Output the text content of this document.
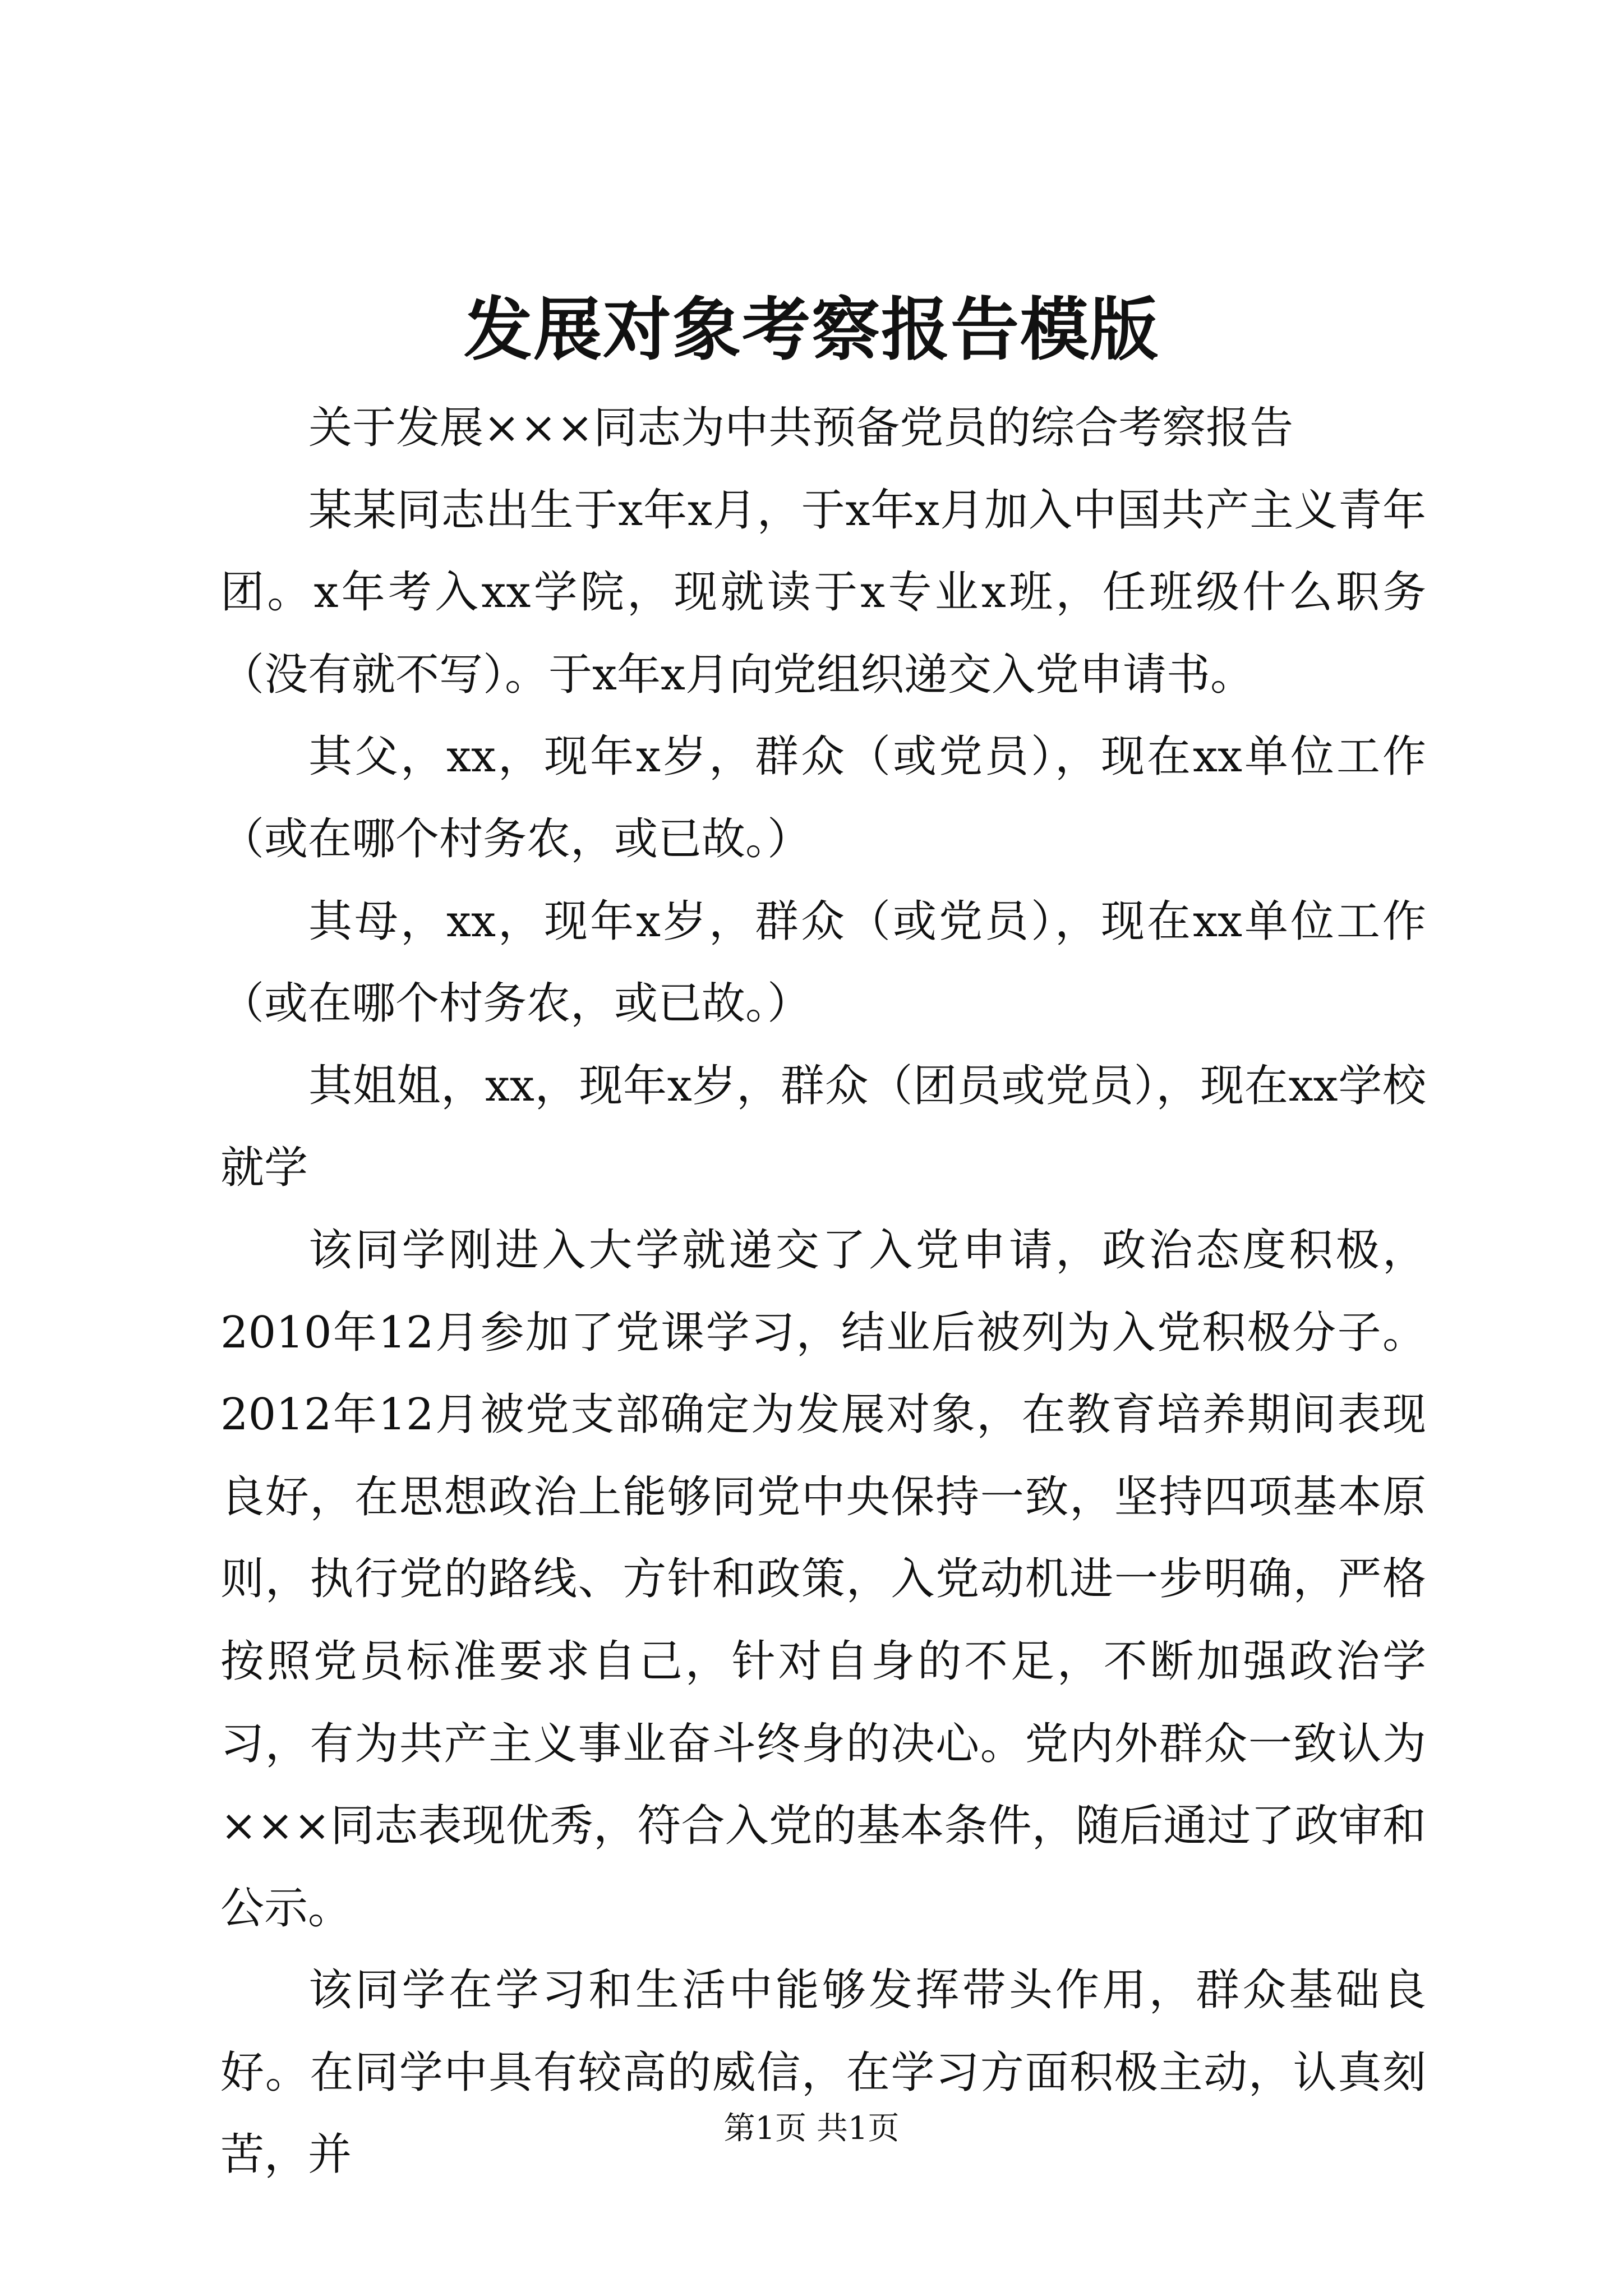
发展对象考察报告模版

关于发展×××同志为中共预备党员的综合考察报告

某某同志出生于x年x月，于x年x月加入中国共产主义青年团。x年考入xx学院，现就读于x专业x班，任班级什么职务（没有就不写）。于x年x月向党组织递交入党申请书。

其父，xx，现年x岁，群众（或党员），现在xx单位工作（或在哪个村务农，或已故。）

其母，xx，现年x岁，群众（或党员），现在xx单位工作（或在哪个村务农，或已故。）

其姐姐，xx，现年x岁，群众（团员或党员），现在xx学校就学

该同学刚进入大学就递交了入党申请，政治态度积极，2010年12月参加了党课学习，结业后被列为入党积极分子。2012年12月被党支部确定为发展对象，在教育培养期间表现良好，在思想政治上能够同党中央保持一致，坚持四项基本原则，执行党的路线、方针和政策，入党动机进一步明确，严格按照党员标准要求自己，针对自身的不足，不断加强政治学习，有为共产主义事业奋斗终身的决心。党内外群众一致认为×××同志表现优秀，符合入党的基本条件，随后通过了政审和公示。

该同学在学习和生活中能够发挥带头作用，群众基础良好。在同学中具有较高的威信，在学习方面积极主动，认真刻苦，并

第1页 共1页
